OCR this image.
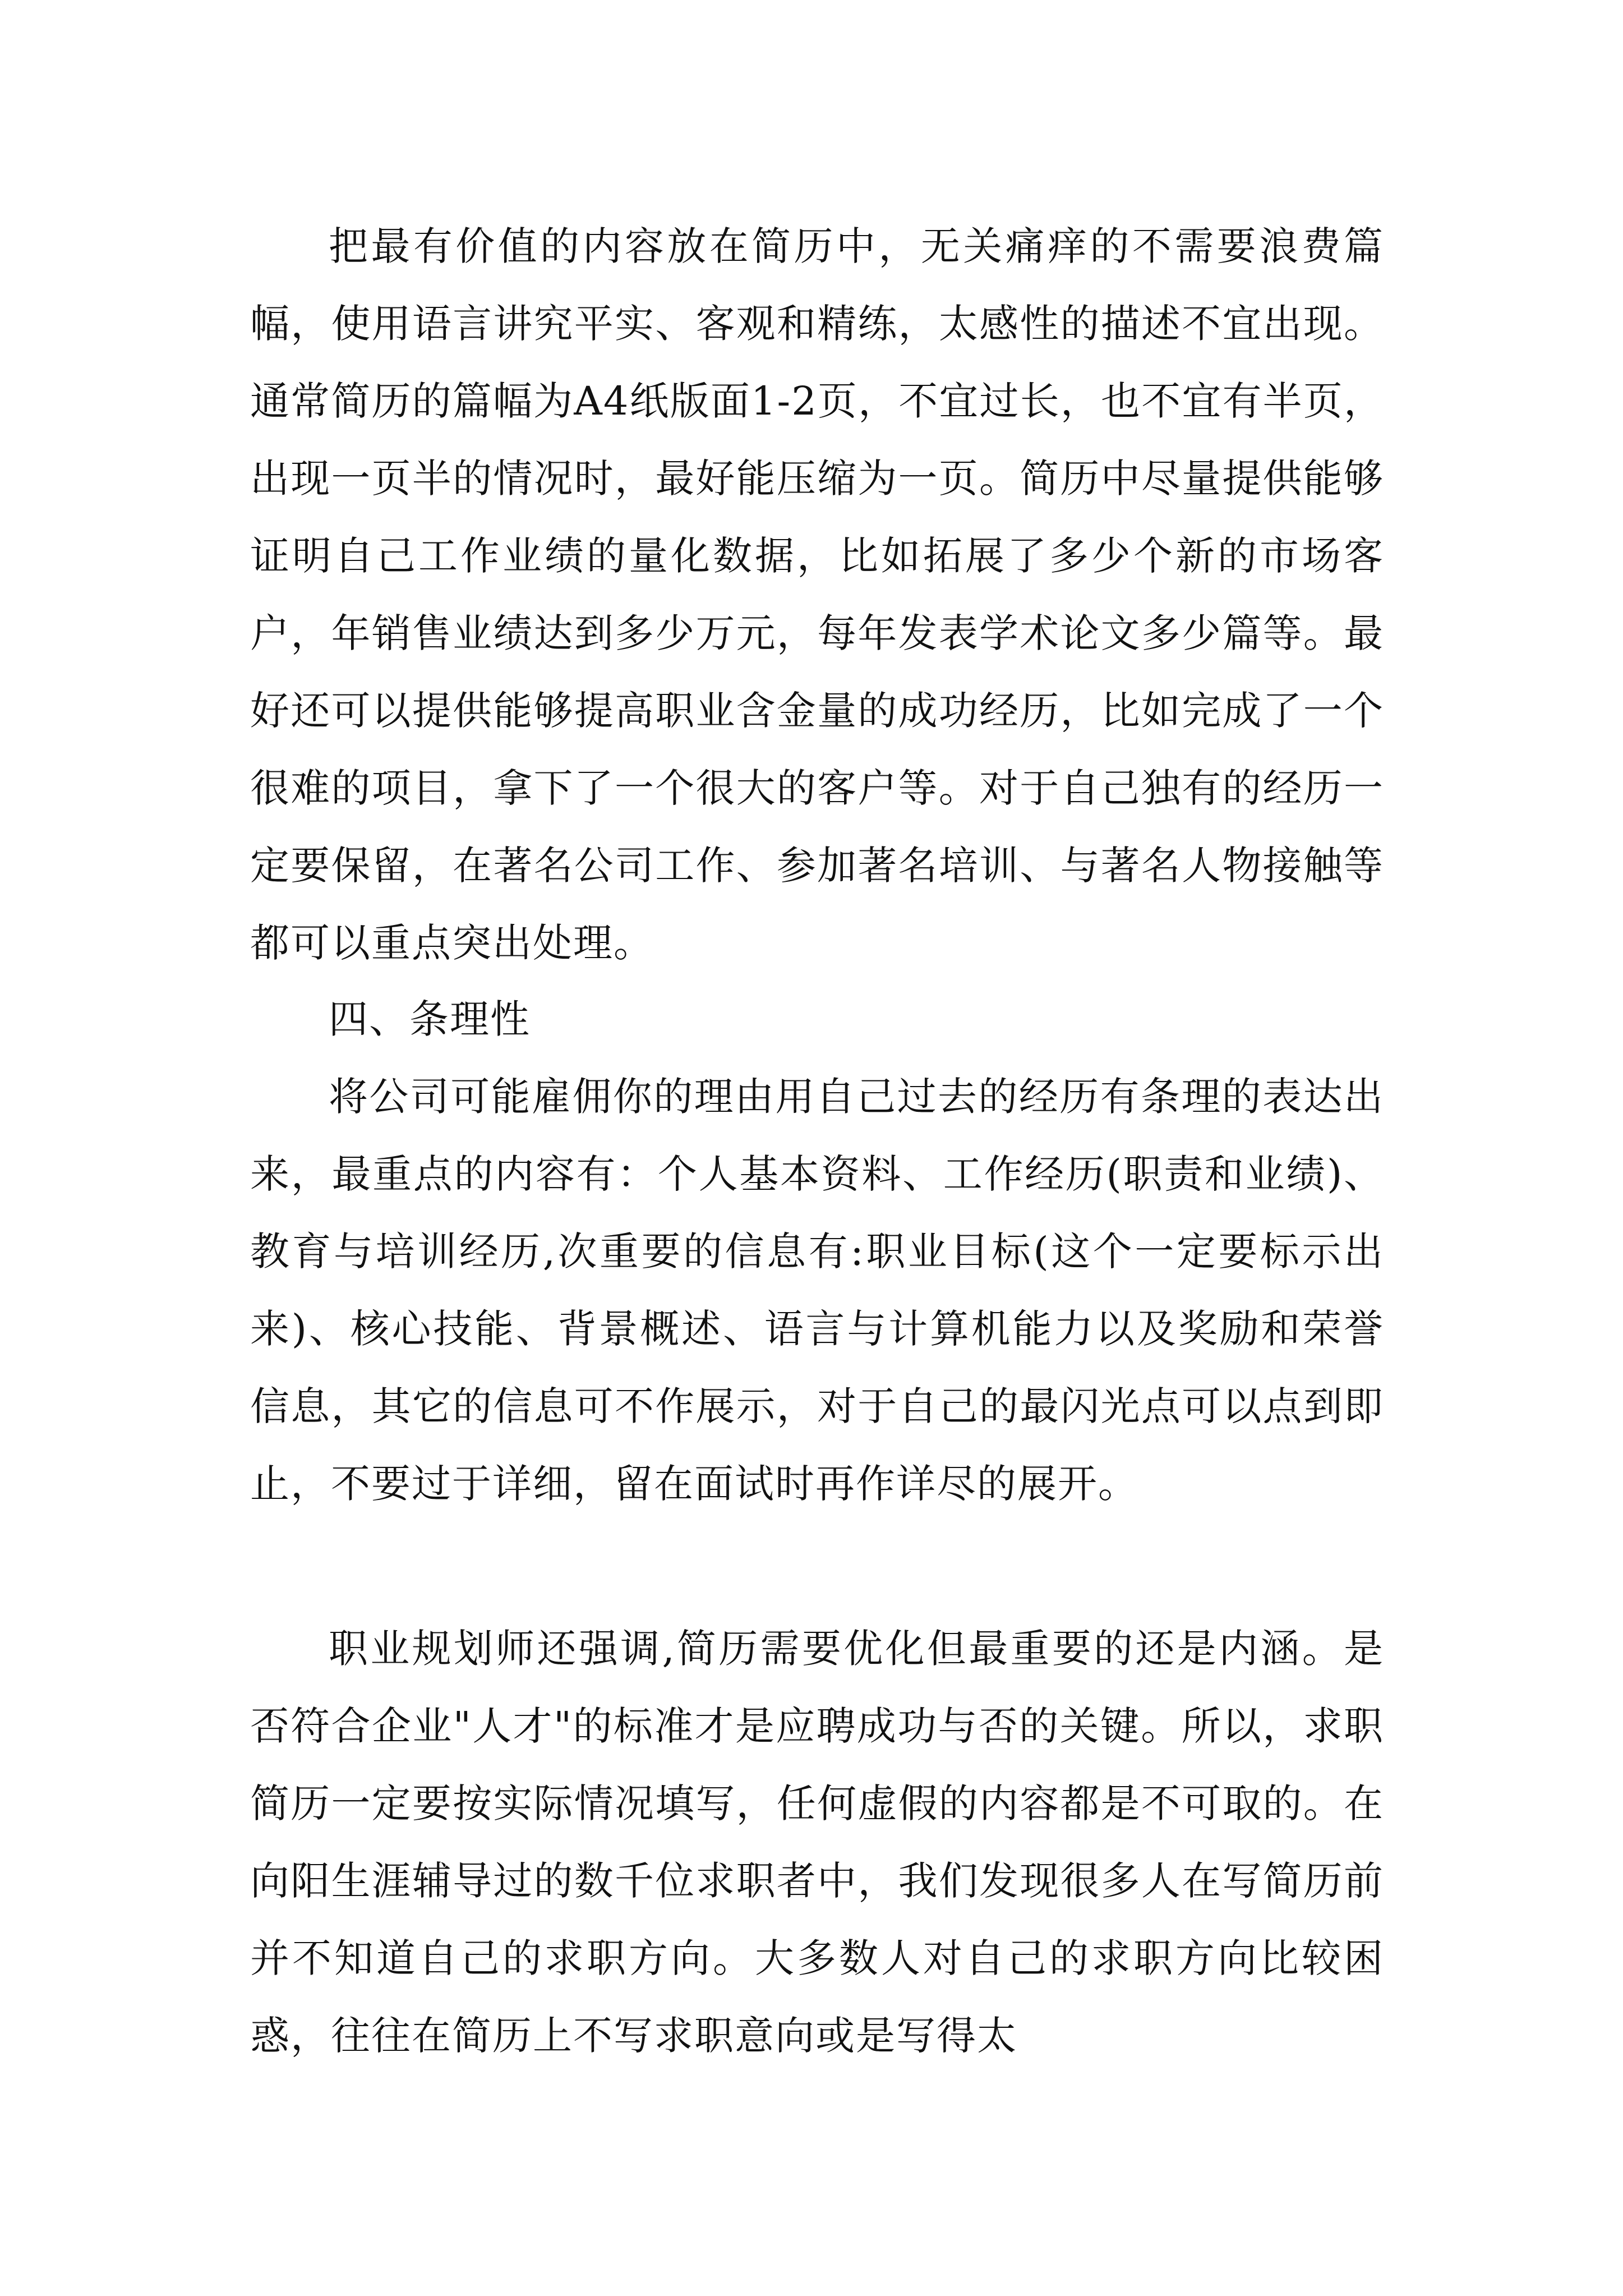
把最有价值的内容放在简历中，无关痛痒的不需要浪费篇幅，使用语言讲究平实、客观和精练，太感性的描述不宜出现。通常简历的篇幅为A4纸版面1-2页，不宜过长，也不宜有半页，出现一页半的情况时，最好能压缩为一页。简历中尽量提供能够证明自己工作业绩的量化数据，比如拓展了多少个新的市场客户，年销售业绩达到多少万元，每年发表学术论文多少篇等。最好还可以提供能够提高职业含金量的成功经历，比如完成了一个很难的项目，拿下了一个很大的客户等。对于自己独有的经历一定要保留，在著名公司工作、参加著名培训、与著名人物接触等都可以重点突出处理。

四、条理性

将公司可能雇佣你的理由用自己过去的经历有条理的表达出来，最重点的内容有：个人基本资料、工作经历(职责和业绩)、教育与培训经历,次重要的信息有:职业目标(这个一定要标示出来)、核心技能、背景概述、语言与计算机能力以及奖励和荣誉信息，其它的信息可不作展示，对于自己的最闪光点可以点到即止，不要过于详细，留在面试时再作详尽的展开。

职业规划师还强调,简历需要优化但最重要的还是内涵。是否符合企业"人才"的标准才是应聘成功与否的关键。所以，求职简历一定要按实际情况填写，任何虚假的内容都是不可取的。在向阳生涯辅导过的数千位求职者中，我们发现很多人在写简历前并不知道自己的求职方向。大多数人对自己的求职方向比较困惑，往往在简历上不写求职意向或是写得太
